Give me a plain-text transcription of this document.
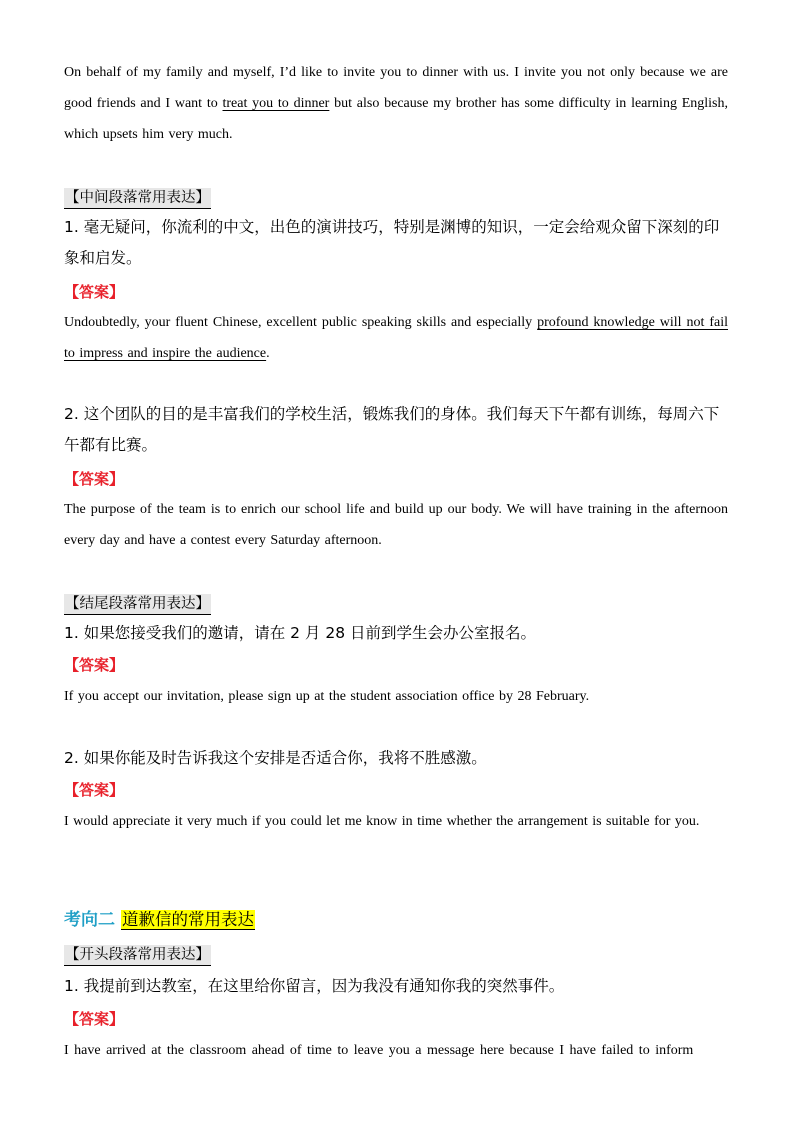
On behalf of my family and myself, I’d like to invite you to dinner with us. I invite you not only because we are good friends and I want to treat you to dinner but also because my brother has some difficulty in learning English, which upsets him very much.

【中间段落常用表达】

1. 毫无疑问，你流利的中文，出色的演讲技巧，特别是渊博的知识，一定会给观众留下深刻的印象和启发。

【答案】

Undoubtedly, your fluent Chinese, excellent public speaking skills and especially profound knowledge will not fail to impress and inspire the audience.

2. 这个团队的目的是丰富我们的学校生活，锻炼我们的身体。我们每天下午都有训练，每周六下午都有比赛。

【答案】

The purpose of the team is to enrich our school life and build up our body. We will have training in the afternoon every day and have a contest every Saturday afternoon.

【结尾段落常用表达】

1. 如果您接受我们的邀请，请在 2 月 28 日前到学生会办公室报名。

【答案】

If you accept our invitation, please sign up at the student association office by 28 February.

2. 如果你能及时告诉我这个安排是否适合你，我将不胜感激。

【答案】

I would appreciate it very much if you could let me know in time whether the arrangement is suitable for you.

考向二 道歉信的常用表达
【开头段落常用表达】

1. 我提前到达教室，在这里给你留言，因为我没有通知你我的突然事件。

【答案】

I have arrived at the classroom ahead of time to leave you a message here because I have failed to inform
